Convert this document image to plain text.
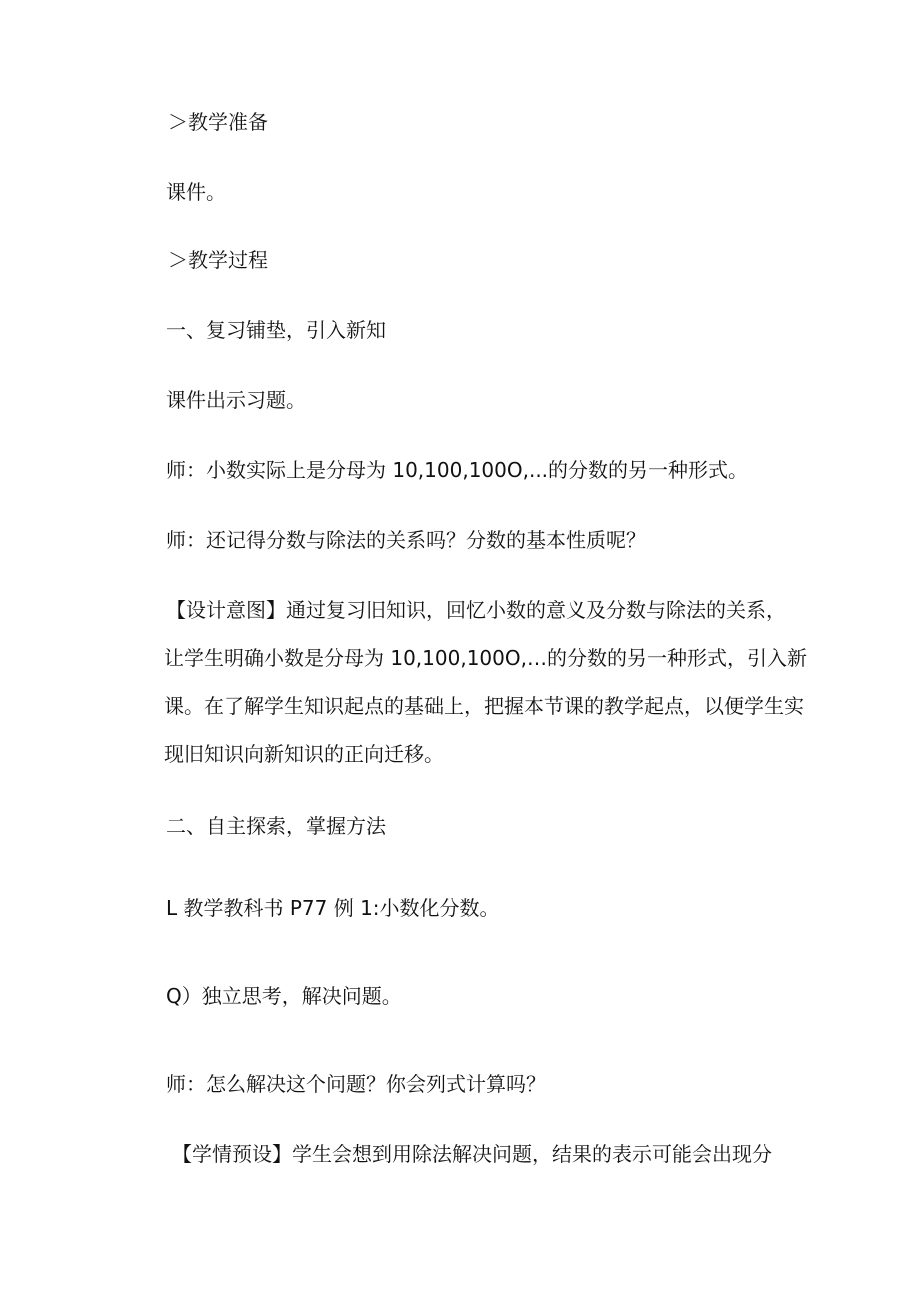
＞教学准备

课件。

＞教学过程

一、复习铺垫，引入新知

课件出示习题。

师：小数实际上是分母为 10,100,100O,...的分数的另一种形式。

师：还记得分数与除法的关系吗？分数的基本性质呢？

【设计意图】通过复习旧知识，回忆小数的意义及分数与除法的关系，
让学生明确小数是分母为 10,100,100O,…的分数的另一种形式，引入新
课。在了解学生知识起点的基础上，把握本节课的教学起点，以便学生实
现旧知识向新知识的正向迁移。

二、自主探索，掌握方法

L 教学教科书 P77 例 1:小数化分数。

Q）独立思考，解决问题。

师：怎么解决这个问题？你会列式计算吗？

【学情预设】学生会想到用除法解决问题，结果的表示可能会出现分
